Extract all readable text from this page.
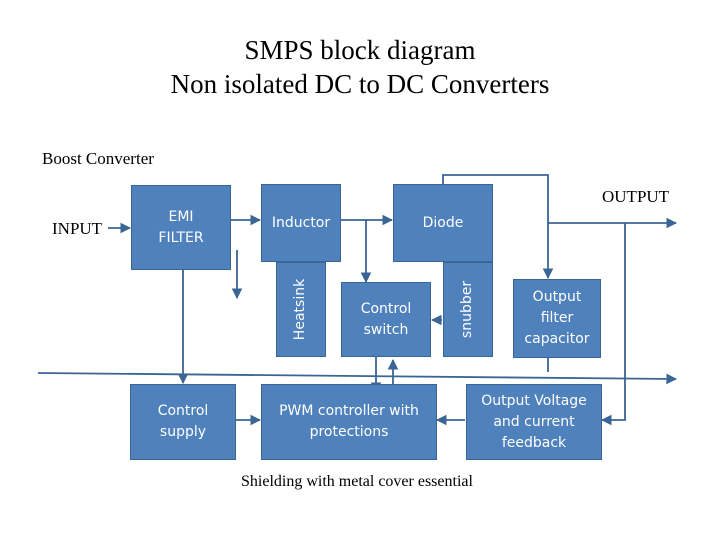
SMPS block diagram
Non isolated DC to DC Converters
Boost Converter
INPUT
OUTPUT
Shielding with metal cover essential
EMI
FILTER
Inductor	Diode
Heatsink	Control
switch	snubber	Output
filter
capacitor
Control
supply
PWM controller with
protections
Output Voltage
and current
feedback
